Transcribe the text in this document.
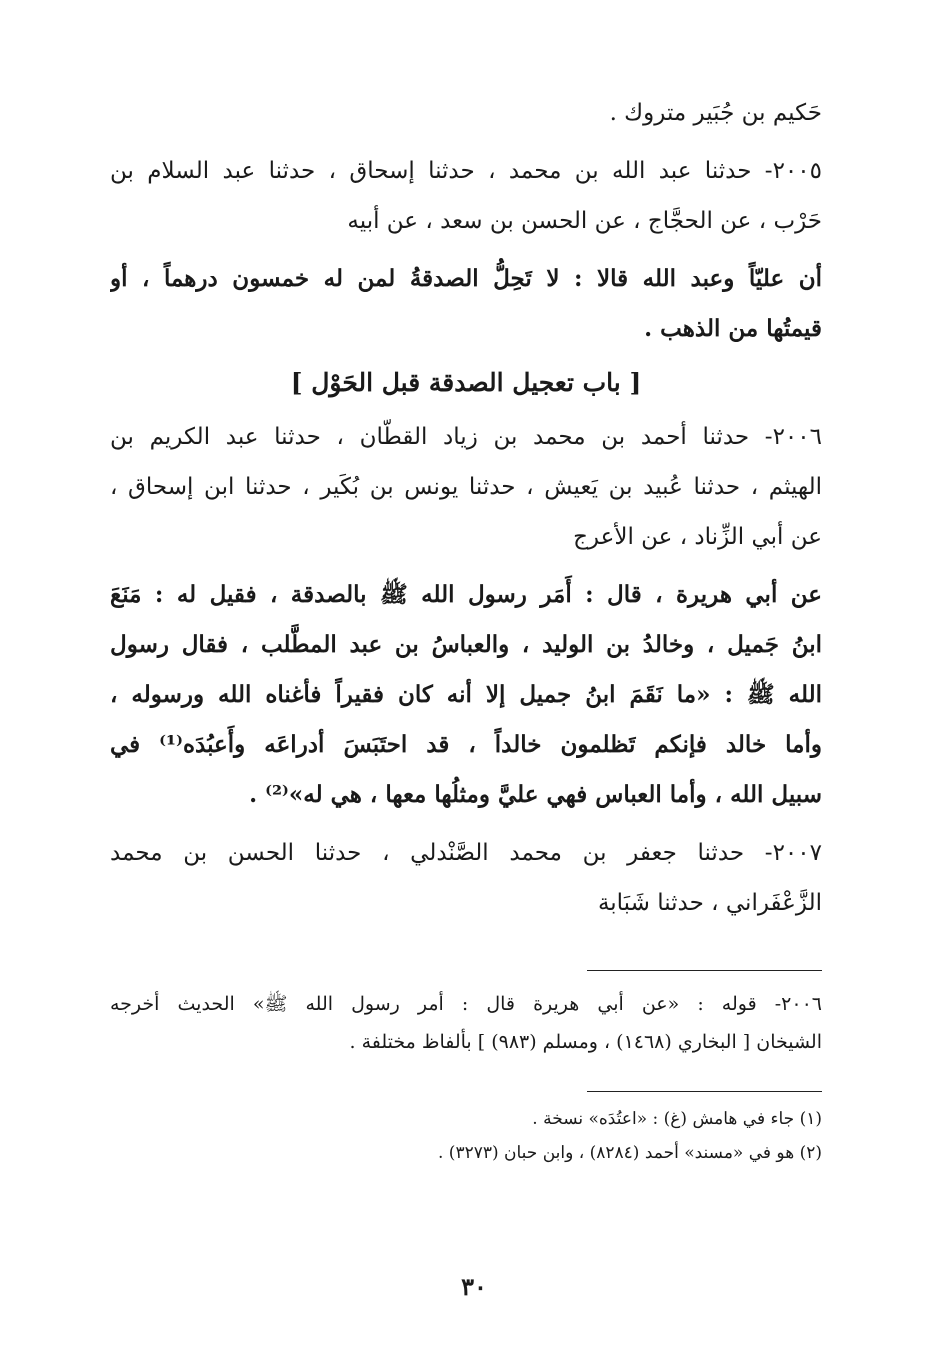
حَكيم بن جُبَير متروك .
٢٠٠٥- حدثنا عبد الله بن محمد ، حدثنا إسحاق ، حدثنا عبد السلام بن
حَرْب ، عن الحجَّاج ، عن الحسن بن سعد ، عن أبيه
أن عليّاً وعبد الله قالا : لا تَحِلُّ الصدقةُ لمن له خمسون درهماً ، أو
قيمتُها من الذهب .
[ باب تعجيل الصدقة قبل الحَوْل ]
٢٠٠٦- حدثنا أحمد بن محمد بن زياد القطّان ، حدثنا عبد الكريم بن
الهيثم ، حدثنا عُبيد بن يَعيش ، حدثنا يونس بن بُكَير ، حدثنا ابن إسحاق ،
عن أبي الزِّناد ، عن الأعرج
عن أبي هريرة ، قال : أَمَر رسول الله ﷺ بالصدقة ، فقيل له : مَنَعَ
ابنُ جَميل ، وخالدُ بن الوليد ، والعباسُ بن عبد المطَّلب ، فقال رسول
الله ﷺ : «ما نَقَمَ ابنُ جميل إلا أنه كان فقيراً فأغناه الله ورسوله ،
وأما خالد فإنكم تَظلمون خالداً ، قد احتَبَسَ أدراعَه وأَعبُدَه⁽¹⁾ في
سبيل الله ، وأما العباس فهي عليَّ ومثلُها معها ، هي له»⁽²⁾ .
٢٠٠٧- حدثنا جعفر بن محمد الصَّنْدلي ، حدثنا الحسن بن محمد
الزَّعْفَراني ، حدثنا شَبَابة
٢٠٠٦- قوله : «عن أبي هريرة قال : أمر رسول الله ﷺ» الحديث أخرجه
الشيخان [ البخاري (١٤٦٨) ، ومسلم (٩٨٣) ] بألفاظ مختلفة .
(١) جاء في هامش (غ) : «اعتُدَه» نسخة .
(٢) هو في «مسند» أحمد (٨٢٨٤) ، وابن حبان (٣٢٧٣) .
٣٠
